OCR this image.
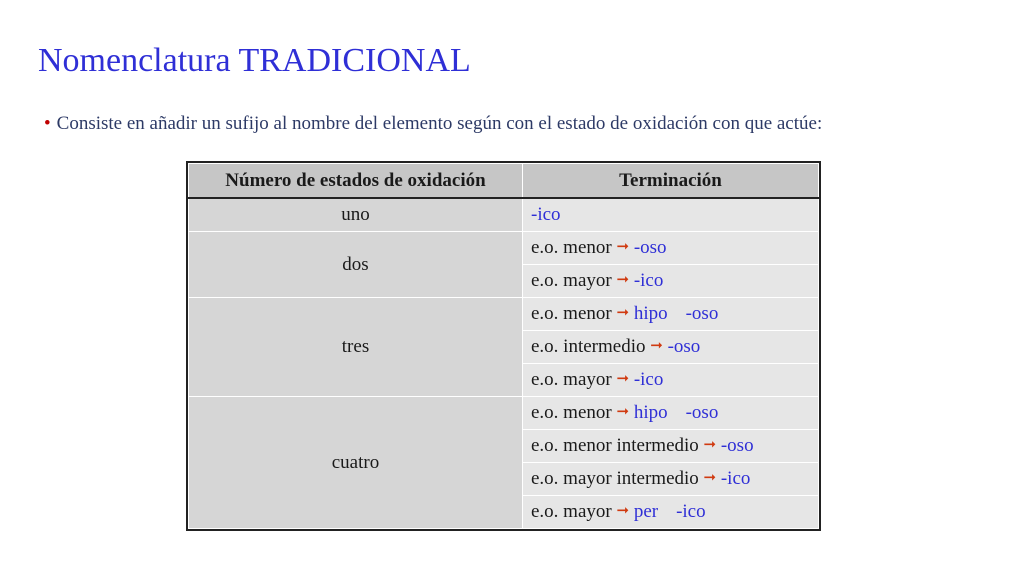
Nomenclatura TRADICIONAL
• Consiste en añadir un sufijo al nombre del elemento según con el estado de oxidación con que actúe:
Número de estados de oxidación	Terminación
uno	-ico
dos	e.o. menor ➞ -oso
	e.o. mayor ➞ -ico
tres	e.o. menor ➞ hipo -oso
	e.o. intermedio ➞ -oso
	e.o. mayor ➞ -ico
cuatro	e.o. menor ➞ hipo -oso
	e.o. menor intermedio ➞ -oso
	e.o. mayor intermedio ➞ -ico
	e.o. mayor ➞ per -ico
